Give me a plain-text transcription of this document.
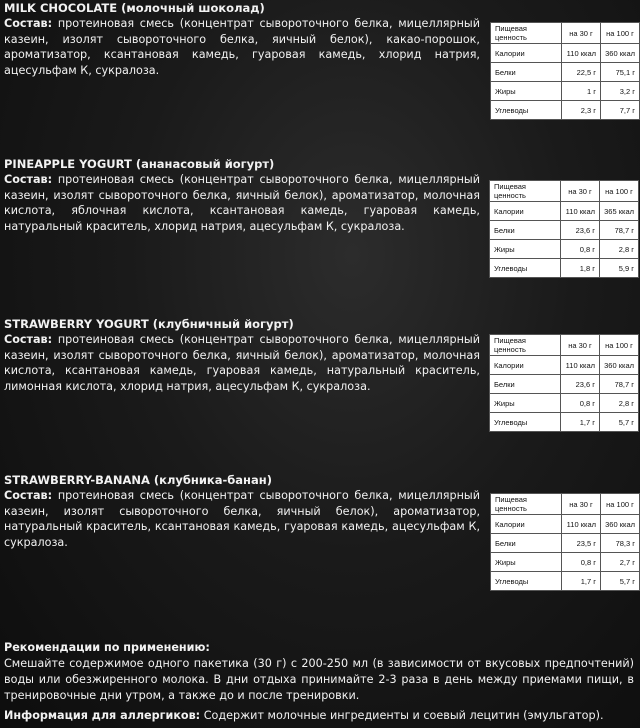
MILK CHOCOLATE (молочный шоколад)
Состав: протеиновая смесь (концентрат сывороточного белка, мицеллярный казеин, изолят сывороточного белка, яичный белок), какао-порошок, ароматизатор, ксантановая камедь, гуаровая камедь, хлорид натрия, ацесульфам К, сукралоза.
Пищевая ценность	на 30 г	на 100 г
Калории	110 ккал	360 ккал
Белки	22,5 г	75,1 г
Жиры	1 г	3,2 г
Углеводы	2,3 г	7,7 г
PINEAPPLE YOGURT (ананасовый йогурт)
Состав: протеиновая смесь (концентрат сывороточного белка, мицеллярный казеин, изолят сывороточного белка, яичный белок), ароматизатор, молочная кислота, яблочная кислота, ксантановая камедь, гуаровая камедь, натуральный краситель, хлорид натрия, ацесульфам К, сукралоза.
Пищевая ценность	на 30 г	на 100 г
Калории	110 ккал	365 ккал
Белки	23,6 г	78,7 г
Жиры	0,8 г	2,8 г
Углеводы	1,8 г	5,9 г
STRAWBERRY YOGURT (клубничный йогурт)
Состав: протеиновая смесь (концентрат сывороточного белка, мицеллярный казеин, изолят сывороточного белка, яичный белок), ароматизатор, молочная кислота, ксантановая камедь, гуаровая камедь, натуральный краситель, лимонная кислота, хлорид натрия, ацесульфам К, сукралоза.
Пищевая ценность	на 30 г	на 100 г
Калории	110 ккал	360 ккал
Белки	23,6 г	78,7 г
Жиры	0,8 г	2,8 г
Углеводы	1,7 г	5,7 г
STRAWBERRY-BANANA (клубника-банан)
Состав: протеиновая смесь (концентрат сывороточного белка, мицеллярный казеин, изолят сывороточного белка, яичный белок), ароматизатор, натуральный краситель, ксантановая камедь, гуаровая камедь, ацесульфам К, сукралоза.
Пищевая ценность	на 30 г	на 100 г
Калории	110 ккал	360 ккал
Белки	23,5 г	78,3 г
Жиры	0,8 г	2,7 г
Углеводы	1,7 г	5,7 г
Рекомендации по применению:
Смешайте содержимое одного пакетика (30 г) с 200-250 мл (в зависимости от вкусовых предпочтений) воды или обезжиренного молока. В дни отдыха принимайте 2-3 раза в день между приемами пищи, в тренировочные дни утром, а также до и после тренировки.
Информация для аллергиков: Содержит молочные ингредиенты и соевый лецитин (эмульгатор).
